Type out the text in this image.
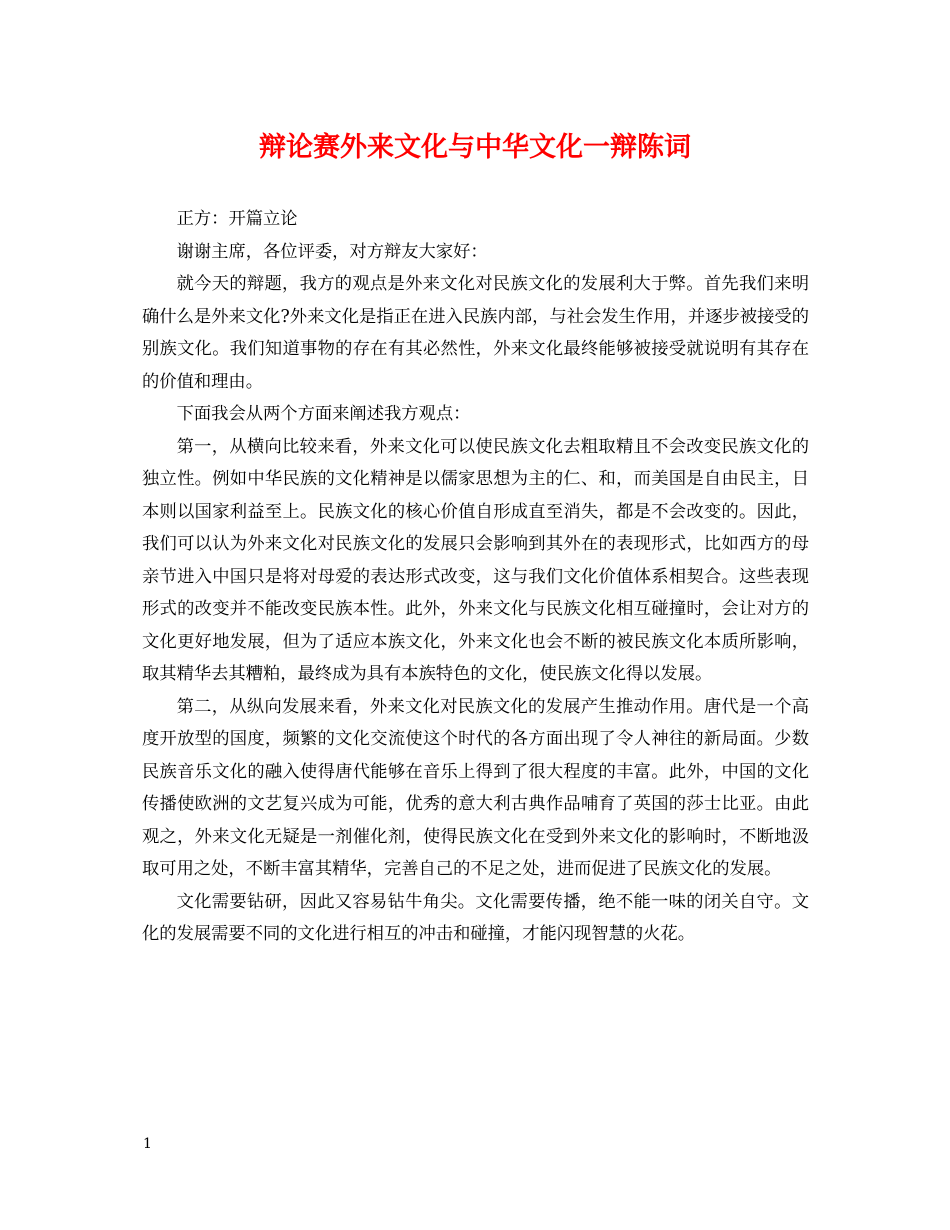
辩论赛外来文化与中华文化一辩陈词

正方：开篇立论

谢谢主席，各位评委，对方辩友大家好：

就今天的辩题，我方的观点是外来文化对民族文化的发展利大于弊。首先我们来明确什么是外来文化?外来文化是指正在进入民族内部，与社会发生作用，并逐步被接受的别族文化。我们知道事物的存在有其必然性，外来文化最终能够被接受就说明有其存在的价值和理由。

下面我会从两个方面来阐述我方观点：

第一，从横向比较来看，外来文化可以使民族文化去粗取精且不会改变民族文化的独立性。例如中华民族的文化精神是以儒家思想为主的仁、和，而美国是自由民主，日本则以国家利益至上。民族文化的核心价值自形成直至消失，都是不会改变的。因此，我们可以认为外来文化对民族文化的发展只会影响到其外在的表现形式，比如西方的母亲节进入中国只是将对母爱的表达形式改变，这与我们文化价值体系相契合。这些表现形式的改变并不能改变民族本性。此外，外来文化与民族文化相互碰撞时，会让对方的文化更好地发展，但为了适应本族文化，外来文化也会不断的被民族文化本质所影响，取其精华去其糟粕，最终成为具有本族特色的文化，使民族文化得以发展。

第二，从纵向发展来看，外来文化对民族文化的发展产生推动作用。唐代是一个高度开放型的国度，频繁的文化交流使这个时代的各方面出现了令人神往的新局面。少数民族音乐文化的融入使得唐代能够在音乐上得到了很大程度的丰富。此外，中国的文化传播使欧洲的文艺复兴成为可能，优秀的意大利古典作品哺育了英国的莎士比亚。由此观之，外来文化无疑是一剂催化剂，使得民族文化在受到外来文化的影响时，不断地汲取可用之处，不断丰富其精华，完善自己的不足之处，进而促进了民族文化的发展。

文化需要钻研，因此又容易钻牛角尖。文化需要传播，绝不能一味的闭关自守。文化的发展需要不同的文化进行相互的冲击和碰撞，才能闪现智慧的火花。

1
